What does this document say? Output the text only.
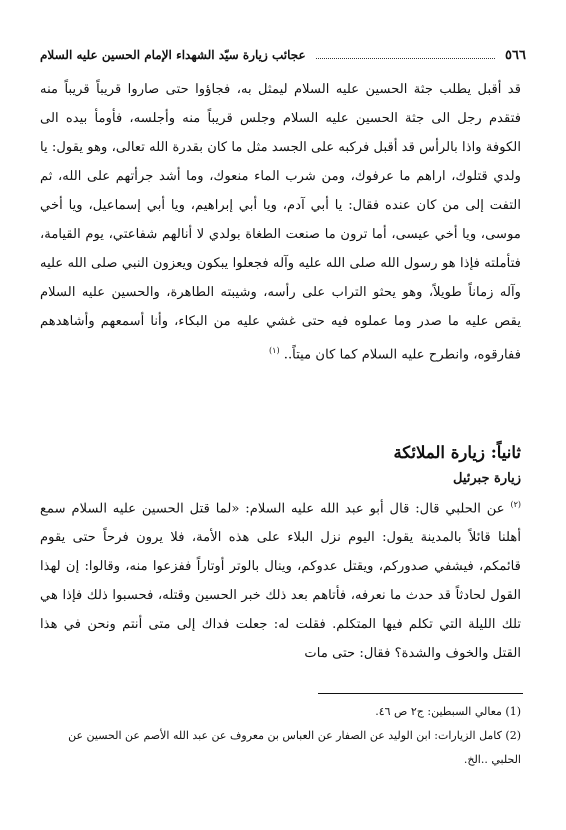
٥٦٦
عجائب زيارة سيّد الشهداء الإمام الحسين عليه السلام

قد أقبل يطلب جثة الحسين عليه السلام ليمثل به، فجاؤوا حتى صاروا قريباً قريباً منه فتقدم رجل الى جثة الحسين عليه السلام وجلس قريباً منه وأجلسه، فأومأ بيده الى الكوفة واذا بالرأس قد أقبل فركبه على الجسد مثل ما كان بقدرة الله تعالى، وهو يقول: يا ولدي قتلوك، اراهم ما عرفوك، ومن شرب الماء منعوك، وما أشد جرأتهم على الله، ثم التفت إلى من كان عنده فقال: يا أبي آدم، ويا أبي إبراهيم، ويا أبي إسماعيل، ويا أخي موسى، ويا أخي عيسى، أما ترون ما صنعت الطغاة بولدي لا أنالهم شفاعتي، يوم القيامة، فتأملته فإذا هو رسول الله صلى الله عليه وآله فجعلوا يبكون ويعزون النبي صلى الله عليه وآله زماناً طويلاً، وهو يحثو التراب على رأسه، وشيبته الطاهرة، والحسين عليه السلام يقص عليه ما صدر وما عملوه فيه حتى غشي عليه من البكاء، وأنا أسمعهم وأشاهدهم ففارقوه، وانطرح عليه السلام كما كان ميتاً.. $^{(١)}$

ثانياً: زيارة الملائكة
زيارة جبرئيل

$^{(٢)}$ عن الحلبي قال: قال أبو عبد الله عليه السلام: «لما قتل الحسين عليه السلام سمع أهلنا قائلاً بالمدينة يقول: اليوم نزل البلاء على هذه الأمة، فلا يرون فرحاً حتى يقوم قائمكم، فيشفي صدوركم، ويقتل عدوكم، وينال بالوتر أوتاراً ففزعوا منه، وقالوا: إن لهذا القول لحادثاً قد حدث ما نعرفه، فأتاهم بعد ذلك خبر الحسين وقتله، فحسبوا ذلك فإذا هي تلك الليلة التي تكلم فيها المتكلم. فقلت له: جعلت فداك إلى متى أنتم ونحن في هذا القتل والخوف والشدة؟ فقال: حتى مات

(1) معالي السبطين: ج٢ ص ٤٦.

(2) كامل الزيارات: ابن الوليد عن الصفار عن العباس بن معروف عن عبد الله الأصم عن الحسين عن الحلبي ..الخ.
